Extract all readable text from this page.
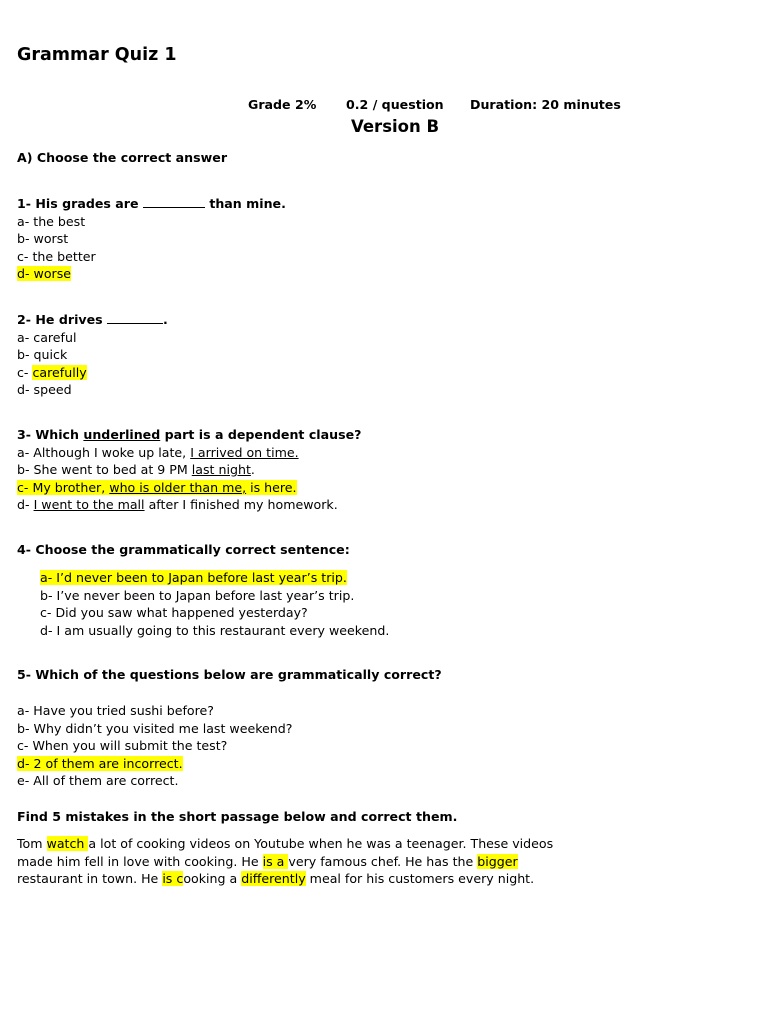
Grammar Quiz 1
Grade 2% 0.2 / question Duration: 20 minutes
Version B
A) Choose the correct answer
1- His grades are	than mine.
a- the best
b- worst
c- the better
d- worse
2- He drives	.
a- careful
b- quick
c- carefully
d- speed
3- Which underlined part is a dependent clause?
a- Although I woke up late, I arrived on time.
b- She went to bed at 9 PM last night.
c- My brother, who is older than me, is here.
d- I went to the mall after I finished my homework.
4- Choose the grammatically correct sentence:
a- I’d never been to Japan before last year’s trip.
b- I’ve never been to Japan before last year’s trip.
c- Did you saw what happened yesterday?
d- I am usually going to this restaurant every weekend.
5- Which of the questions below are grammatically correct?
a- Have you tried sushi before?
b- Why didn’t you visited me last weekend?
c- When you will submit the test?
d- 2 of them are incorrect.
e- All of them are correct.
Find 5 mistakes in the short passage below and correct them.
Tom watch a lot of cooking videos on Youtube when he was a teenager. These videos
made him fell in love with cooking. He is a very famous chef. He has the bigger
restaurant in town. He is cooking a differently meal for his customers every night.
